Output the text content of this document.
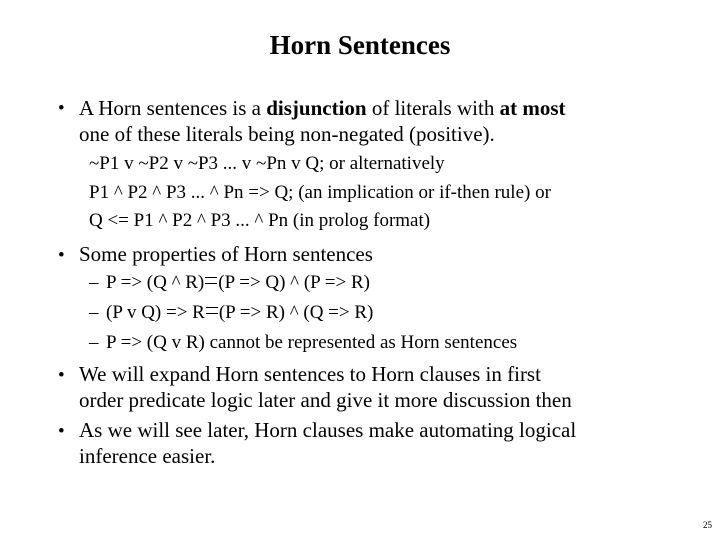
Horn Sentences
• A Horn sentences is a disjunction of literals with at most
one of these literals being non-negated (positive).
~P1 v ~P2 v ~P3 ... v ~Pn v Q; or alternatively
P1 ^ P2 ^ P3 ... ^ Pn => Q; (an implication or if-then rule) or
Q <= P1 ^ P2 ^ P3 ... ^ Pn (in prolog format)
• Some properties of Horn sentences
– P => (Q ^ R) (P => Q) ^ (P => R)
– (P v Q) => R (P => R) ^ (Q => R)
– P => (Q v R) cannot be represented as Horn sentences
• We will expand Horn sentences to Horn clauses in first
order predicate logic later and give it more discussion then
• As we will see later, Horn clauses make automating logical
inference easier.
25
